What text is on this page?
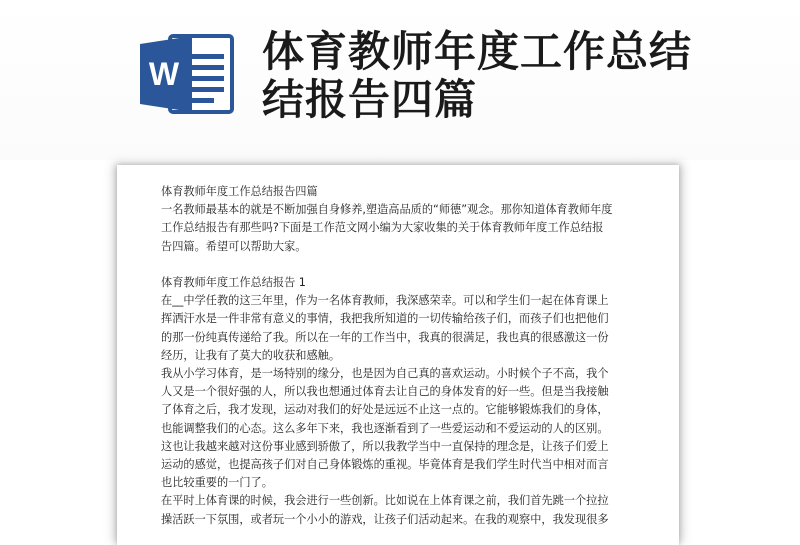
W 体育教师年度工作总结
结报告四篇

体育教师年度工作总结报告四篇

一名教师最基本的就是不断加强自身修养,塑造高品质的“师德”观念。那你知道体育教师年度

工作总结报告有那些吗?下面是工作范文网小编为大家收集的关于体育教师年度工作总结报

告四篇。希望可以帮助大家。

体育教师年度工作总结报告 1

在__中学任教的这三年里，作为一名体育教师，我深感荣幸。可以和学生们一起在体育课上

挥洒汗水是一件非常有意义的事情，我把我所知道的一切传输给孩子们，而孩子们也把他们

的那一份纯真传递给了我。所以在一年的工作当中，我真的很满足，我也真的很感激这一份

经历，让我有了莫大的收获和感触。

我从小学习体育，是一场特别的缘分，也是因为自己真的喜欢运动。小时候个子不高，我个

人又是一个很好强的人，所以我也想通过体育去让自己的身体发育的好一些。但是当我接触

了体育之后，我才发现，运动对我们的好处是远远不止这一点的。它能够锻炼我们的身体，

也能调整我们的心态。这么多年下来，我也逐渐看到了一些爱运动和不爱运动的人的区别。

这也让我越来越对这份事业感到骄傲了，所以我教学当中一直保持的理念是，让孩子们爱上

运动的感觉，也提高孩子们对自己身体锻炼的重视。毕竟体育是我们学生时代当中相对而言

也比较重要的一门了。

在平时上体育课的时候，我会进行一些创新。比如说在上体育课之前，我们首先跳一个拉拉

操活跃一下氛围，或者玩一个小小的游戏，让孩子们活动起来。在我的观察中，我发现很多
